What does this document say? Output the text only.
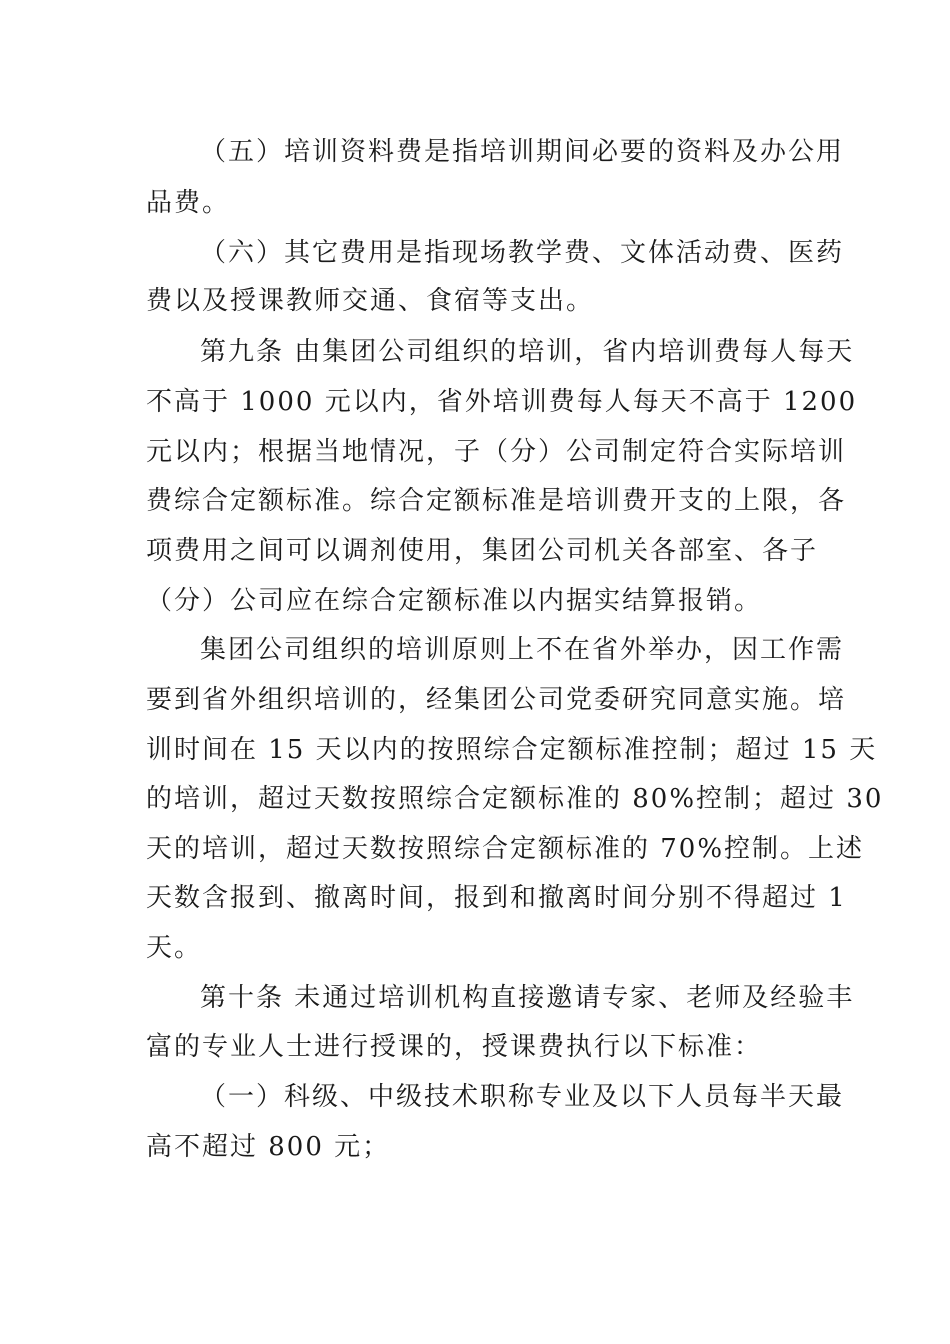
（五）培训资料费是指培训期间必要的资料及办公用
品费。
（六）其它费用是指现场教学费、文体活动费、医药
费以及授课教师交通、食宿等支出。
第九条 由集团公司组织的培训，省内培训费每人每天
不高于 1000 元以内，省外培训费每人每天不高于 1200
元以内；根据当地情况，子（分）公司制定符合实际培训
费综合定额标准。综合定额标准是培训费开支的上限，各
项费用之间可以调剂使用，集团公司机关各部室、各子
（分）公司应在综合定额标准以内据实结算报销。
集团公司组织的培训原则上不在省外举办，因工作需
要到省外组织培训的，经集团公司党委研究同意实施。培
训时间在 15 天以内的按照综合定额标准控制；超过 15 天
的培训，超过天数按照综合定额标准的 80%控制；超过 30
天的培训，超过天数按照综合定额标准的 70%控制。上述
天数含报到、撤离时间，报到和撤离时间分别不得超过 1
天。
第十条 未通过培训机构直接邀请专家、老师及经验丰
富的专业人士进行授课的，授课费执行以下标准：
（一）科级、中级技术职称专业及以下人员每半天最
高不超过 800 元；
